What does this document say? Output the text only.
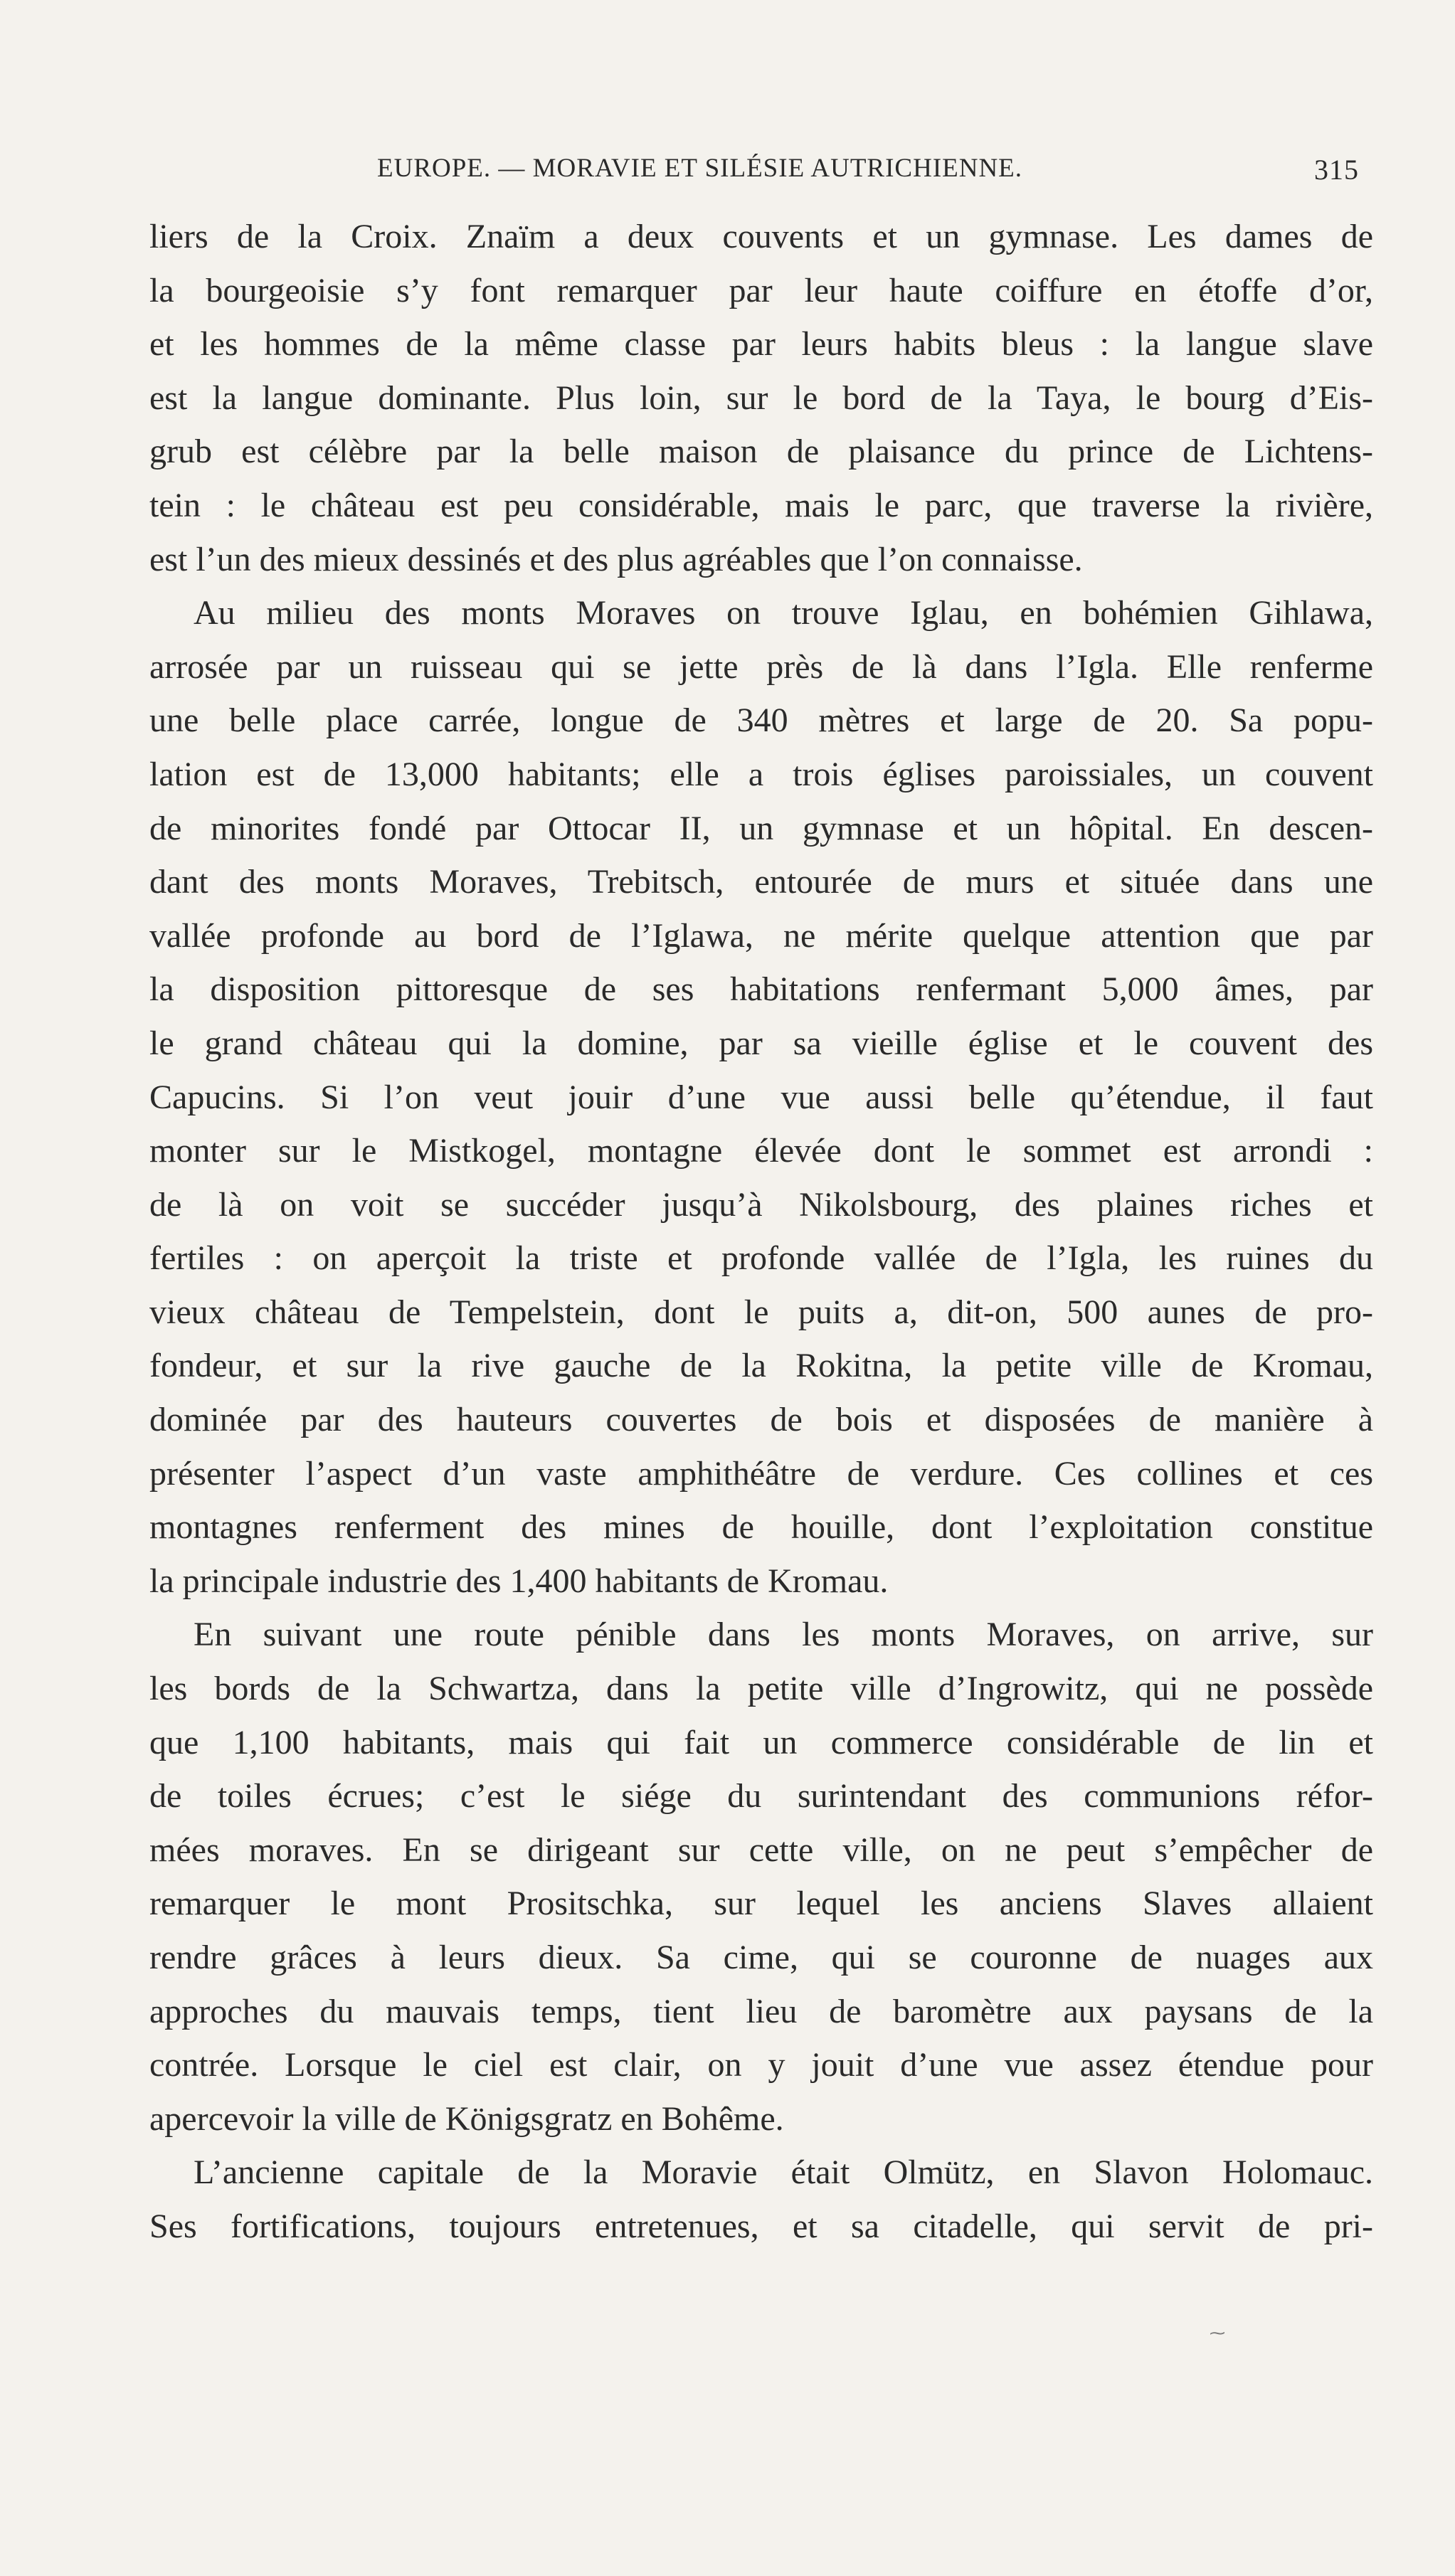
EUROPE. — MORAVIE ET SILÉSIE AUTRICHIENNE.	315

liers de la Croix. Znaïm a deux couvents et un gymnase. Les dames de
la bourgeoisie s’y font remarquer par leur haute coiffure en étoffe d’or,
et les hommes de la même classe par leurs habits bleus : la langue slave
est la langue dominante. Plus loin, sur le bord de la Taya, le bourg d’Eis-
grub est célèbre par la belle maison de plaisance du prince de Lichtens-
tein : le château est peu considérable, mais le parc, que traverse la rivière,
est l’un des mieux dessinés et des plus agréables que l’on connaisse.

Au milieu des monts Moraves on trouve Iglau, en bohémien Gihlawa,
arrosée par un ruisseau qui se jette près de là dans l’Igla. Elle renferme
une belle place carrée, longue de 340 mètres et large de 20. Sa popu-
lation est de 13,000 habitants; elle a trois églises paroissiales, un couvent
de minorites fondé par Ottocar II, un gymnase et un hôpital. En descen-
dant des monts Moraves, Trebitsch, entourée de murs et située dans une
vallée profonde au bord de l’Iglawa, ne mérite quelque attention que par
la disposition pittoresque de ses habitations renfermant 5,000 âmes, par
le grand château qui la domine, par sa vieille église et le couvent des
Capucins. Si l’on veut jouir d’une vue aussi belle qu’étendue, il faut
monter sur le Mistkogel, montagne élevée dont le sommet est arrondi :
de là on voit se succéder jusqu’à Nikolsbourg, des plaines riches et
fertiles : on aperçoit la triste et profonde vallée de l’Igla, les ruines du
vieux château de Tempelstein, dont le puits a, dit-on, 500 aunes de pro-
fondeur, et sur la rive gauche de la Rokitna, la petite ville de Kromau,
dominée par des hauteurs couvertes de bois et disposées de manière à
présenter l’aspect d’un vaste amphithéâtre de verdure. Ces collines et ces
montagnes renferment des mines de houille, dont l’exploitation constitue
la principale industrie des 1,400 habitants de Kromau.

En suivant une route pénible dans les monts Moraves, on arrive, sur
les bords de la Schwartza, dans la petite ville d’Ingrowitz, qui ne possède
que 1,100 habitants, mais qui fait un commerce considérable de lin et
de toiles écrues; c’est le siége du surintendant des communions réfor-
mées moraves. En se dirigeant sur cette ville, on ne peut s’empêcher de
remarquer le mont Prositschka, sur lequel les anciens Slaves allaient
rendre grâces à leurs dieux. Sa cime, qui se couronne de nuages aux
approches du mauvais temps, tient lieu de baromètre aux paysans de la
contrée. Lorsque le ciel est clair, on y jouit d’une vue assez étendue pour
apercevoir la ville de Königsgratz en Bohême.

L’ancienne capitale de la Moravie était Olmütz, en Slavon Holomauc.
Ses fortifications, toujours entretenues, et sa citadelle, qui servit de pri-

⁓
